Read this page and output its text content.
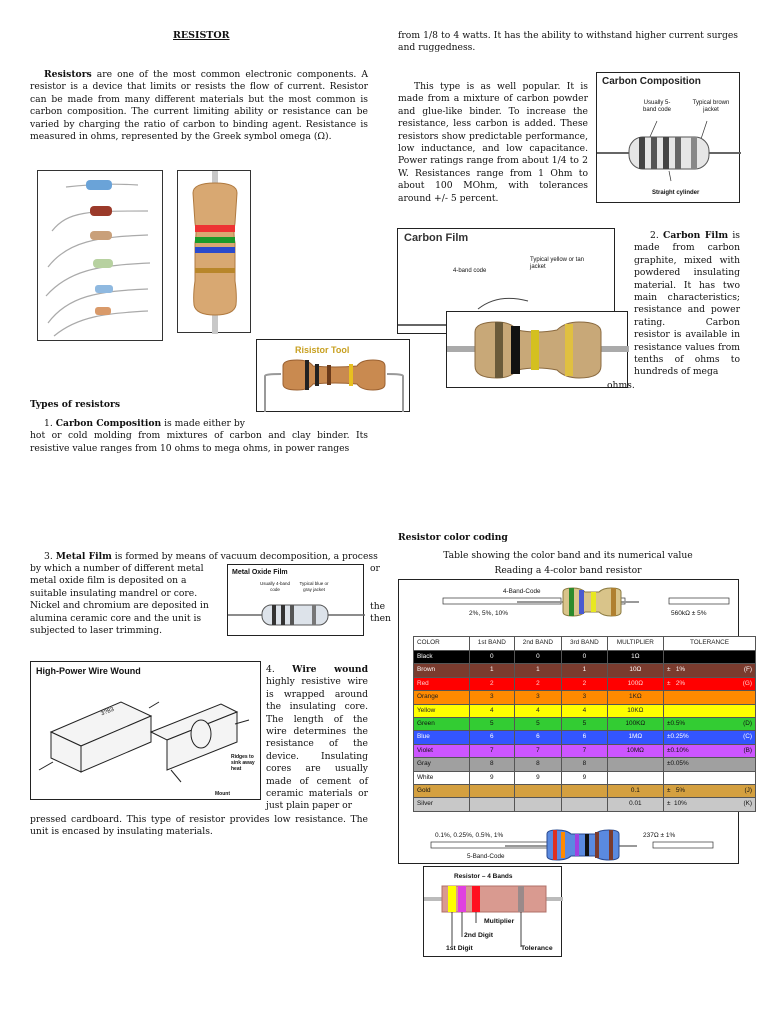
RESISTOR
Resistors are one of the most common electronic components. A resistor is a device that limits or resists the flow of current. Resistor can be made from many different materials but the most common is carbon composition. The current limiting ability or resistance can be varied by charging the ratio of carbon to binding agent. Resistance is measured in ohms, represented by the Greek symbol omega (Ω).
from 1/8 to 4 watts. It has the ability to withstand higher current surges and ruggedness.
This type is as well popular. It is made from a mixture of carbon powder and glue-like binder. To increase the resistance, less carbon is added. These resistors show predictable performance, low inductance, and low capacitance. Power ratings range from about 1/4 to 2 W. Resistances range from 1 Ohm to about 100 MOhm, with tolerances around +/- 5 percent.
Carbon Composition
Usually 5-band code
Typical brown jacket
Straight cylinder
Carbon Film
4-band code
Typical yellow or tan jacket
2. Carbon Film is made from carbon graphite, mixed with powdered insulating material. It has two main characteristics; resistance and power rating. Carbon resistor is available in resistance values from tenths of ohms to hundreds of mega
ohms.
Risistor Tool
Types of resistors
1. Carbon Composition is made either by
hot or cold molding from mixtures of carbon and clay binder. Its resistive value ranges from 10 ohms to mega ohms, in power ranges
Resistor color coding
3. Metal Film is formed by means of vacuum decomposition, a process
by which a number of different metal
metal oxide film is deposited on a
suitable insulating mandrel or core.
Nickel and chromium are deposited in
alumina ceramic core and the unit is
subjected to laser trimming.
or
the
then
Metal Oxide Film
Usually 4-band code
Typical blue or gray jacket
High-Power Wire Wound
3?83
Ridges to sink away heat
Mount
4. Wire wound highly resistive wire is wrapped around the insulating core. The length of the wire determines the resistance of the device. Insulating cores are usually made of cement of ceramic materials or just plain paper or
pressed cardboard. This type of resistor provides low resistance. The unit is encased by insulating materials.
Table showing the color band and its numerical value
Reading a 4-color band resistor
4-Band-Code
2%, 5%, 10%	560kΩ ± 5%
COLOR	1st BAND	2nd BAND	3rd BAND	MULTIPLIER	TOLERANCE
Black	0	0	0	1Ω	

Brown	1	1	1	10Ω	±   1% (F)

Red	2	2	2	100Ω	±   2% (G)

Orange	3	3	3	1KΩ	

Yellow	4	4	4	10KΩ	

Green	5	5	5	100KΩ	±0.5% (D)

Blue	6	6	6	1MΩ	±0.25% (C)

Violet	7	7	7	10MΩ	±0.10% (B)

Gray	8	8	8		±0.05%

White	9	9	9		

Gold				0.1	±   5% (J)

Silver				0.01	±  10% (K)
0.1%, 0.25%, 0.5%, 1%	237Ω ± 1%
5-Band-Code
Resistor – 4 Bands
Multiplier
2nd Digit
1st Digit	Tolerance
